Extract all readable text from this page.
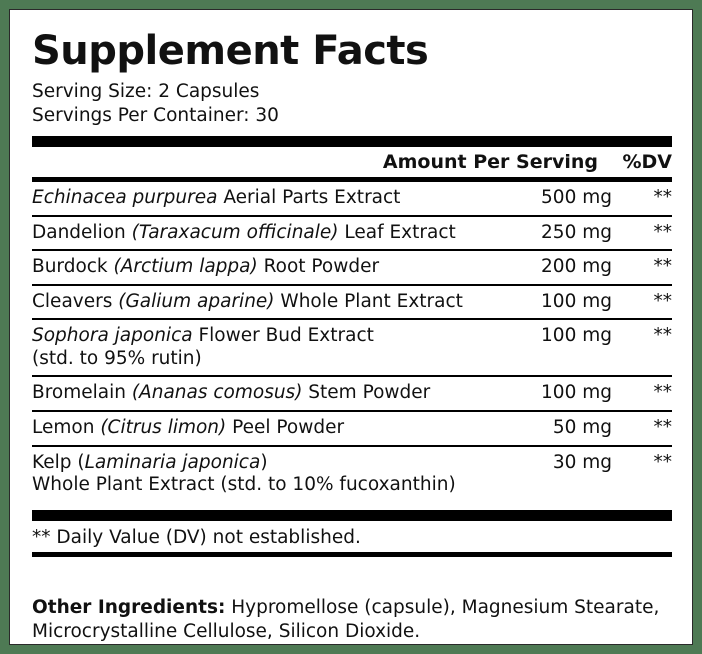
Supplement Facts
Serving Size: 2 Capsules
Servings Per Container: 30
Amount Per Serving	%DV
Echinacea purpurea Aerial Parts Extract	500 mg	**
Dandelion (Taraxacum officinale) Leaf Extract	250 mg	**
Burdock (Arctium lappa) Root Powder	200 mg	**
Cleavers (Galium aparine) Whole Plant Extract	100 mg	**
Sophora japonica Flower Bud Extract
(std. to 95% rutin)	100 mg	**
Bromelain (Ananas comosus) Stem Powder	100 mg	**
Lemon (Citrus limon) Peel Powder	50 mg	**
Kelp (Laminaria japonica)
Whole Plant Extract (std. to 10% fucoxanthin)	30 mg	**
** Daily Value (DV) not established.
Other Ingredients: Hypromellose (capsule), Magnesium Stearate,
Microcrystalline Cellulose, Silicon Dioxide.
